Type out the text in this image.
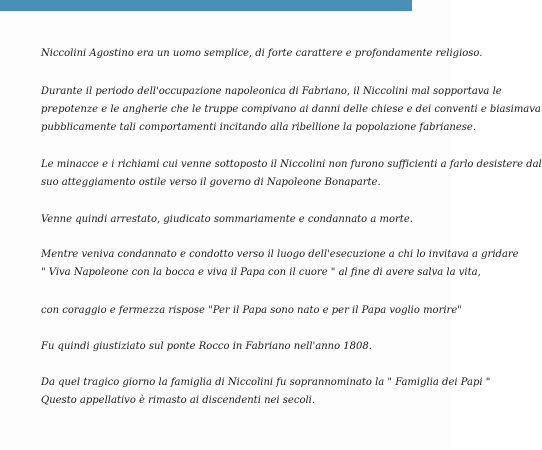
Niccolini Agostino era un uomo semplice, di forte carattere e profondamente religioso.

Durante il periodo dell'occupazione napoleonica di Fabriano, il Niccolini mal sopportava le
prepotenze e le angherie che le truppe compivano ai danni delle chiese e dei conventi e biasimava
pubblicamente tali comportamenti incitando alla ribellione la popolazione fabrianese.

Le minacce e i richiami cui venne sottoposto il Niccolini non furono sufficienti a farlo desistere dal
suo atteggiamento ostile verso il governo di Napoleone Bonaparte.

Venne quindi arrestato, giudicato sommariamente e condannato a morte.

Mentre veniva condannato e condotto verso il luogo dell'esecuzione a chi lo invitava a gridare
" Viva Napoleone con la bocca e viva il Papa con il cuore " al fine di avere salva la vita,

con coraggio e fermezza rispose "Per il Papa sono nato e per il Papa voglio morire"

Fu quindi giustiziato sul ponte Rocco in Fabriano nell'anno 1808.

Da quel tragico giorno la famiglia di Niccolini fu soprannominato la " Famiglia dei Papi "
Questo appellativo è rimasto ai discendenti nei secoli.
